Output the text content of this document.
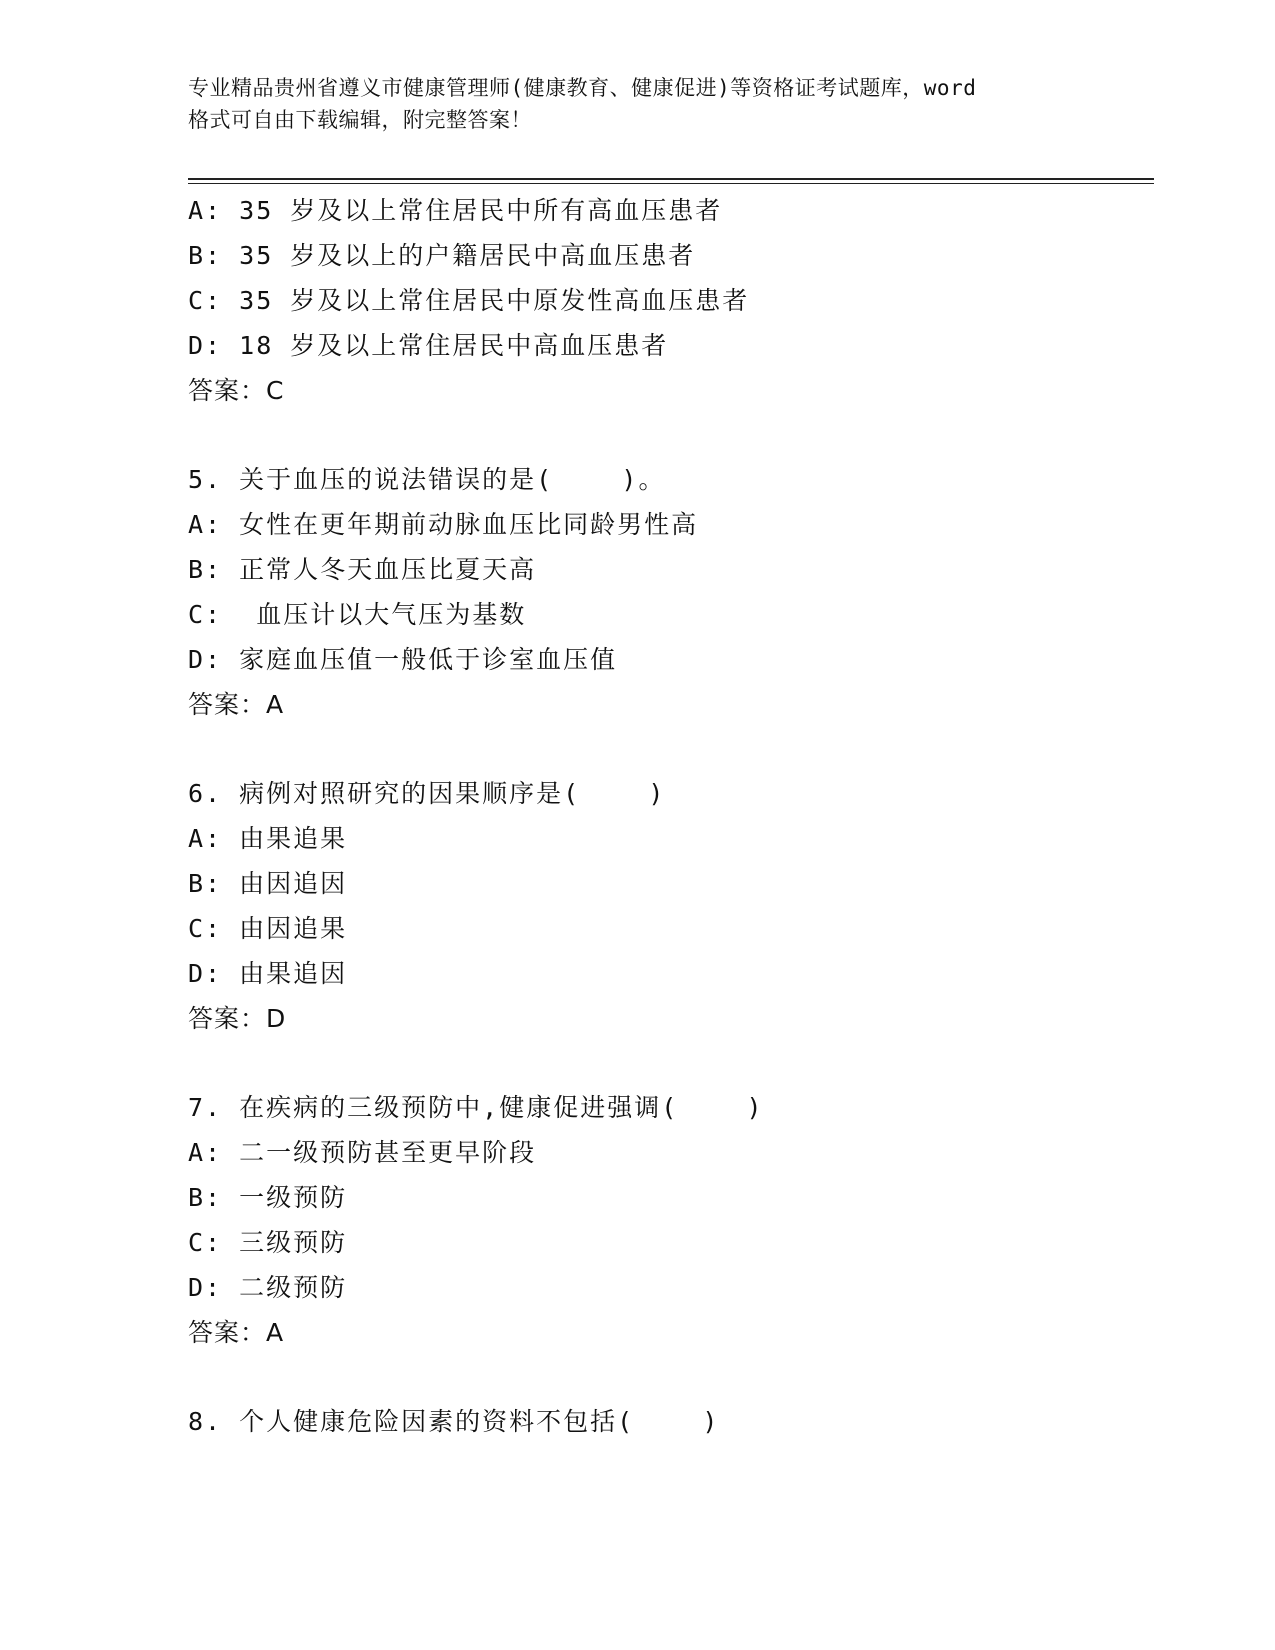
专业精品贵州省遵义市健康管理师(健康教育、健康促进)等资格证考试题库，word
格式可自由下载编辑，附完整答案！
A: 35 岁及以上常住居民中所有高血压患者
B: 35 岁及以上的户籍居民中高血压患者
C: 35 岁及以上常住居民中原发性高血压患者
D: 18 岁及以上常住居民中高血压患者
答案：C
5. 关于血压的说法错误的是(    )。
A: 女性在更年期前动脉血压比同龄男性高
B: 正常人冬天血压比夏天高
C:  血压计以大气压为基数
D: 家庭血压值一般低于诊室血压值
答案：A
6. 病例对照研究的因果顺序是(    )
A: 由果追果
B: 由因追因
C: 由因追果
D: 由果追因
答案：D
7. 在疾病的三级预防中,健康促进强调(    )
A: 二一级预防甚至更早阶段
B: 一级预防
C: 三级预防
D: 二级预防
答案：A
8. 个人健康危险因素的资料不包括(    )
